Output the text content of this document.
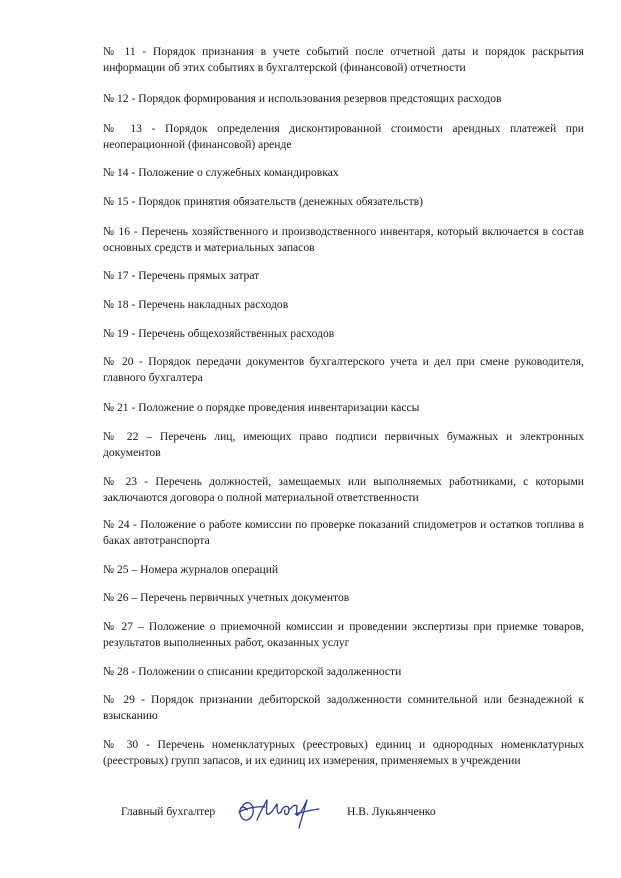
№ 11 - Порядок признания в учете событий после отчетной даты и порядок раскрытия информации об этих событиях в бухгалтерской (финансовой) отчетности

№ 12 - Порядок формирования и использования резервов предстоящих расходов

№ 13 - Порядок определения дисконтированной стоимости арендных платежей при неоперационной (финансовой) аренде

№ 14 - Положение о служебных командировках

№ 15 - Порядок принятия обязательств (денежных обязательств)

№ 16 - Перечень хозяйственного и производственного инвентаря, который включается в состав основных средств и материальных запасов

№ 17 - Перечень прямых затрат

№ 18 - Перечень накладных расходов

№ 19 - Перечень общехозяйственных расходов

№ 20 - Порядок передачи документов бухгалтерского учета и дел при смене руководителя, главного бухгалтера

№ 21 - Положение о порядке проведения инвентаризации кассы

№ 22 – Перечень лиц, имеющих право подписи первичных бумажных и электронных документов

№ 23 - Перечень должностей, замещаемых или выполняемых работниками, с которыми заключаются договора о полной материальной ответственности

№ 24 - Положение о работе комиссии по проверке показаний спидометров и остатков топлива в баках автотранспорта

№ 25 – Номера журналов операций

№ 26 – Перечень первичных учетных документов

№ 27 – Положение о приемочной комиссии и проведении экспертизы при приемке товаров, результатов выполненных работ, оказанных услуг

№ 28 - Положении о списании кредиторской задолженности

№ 29 - Порядок признании дебиторской задолженности сомнительной или безнадежной к взысканию

№ 30 - Перечень номенклатурных (реестровых) единиц и однородных номенклатурных (реестровых) групп запасов, и их единиц их измерения, применяемых в учреждении

Главный бухгалтер	Н.В. Лукьянченко
